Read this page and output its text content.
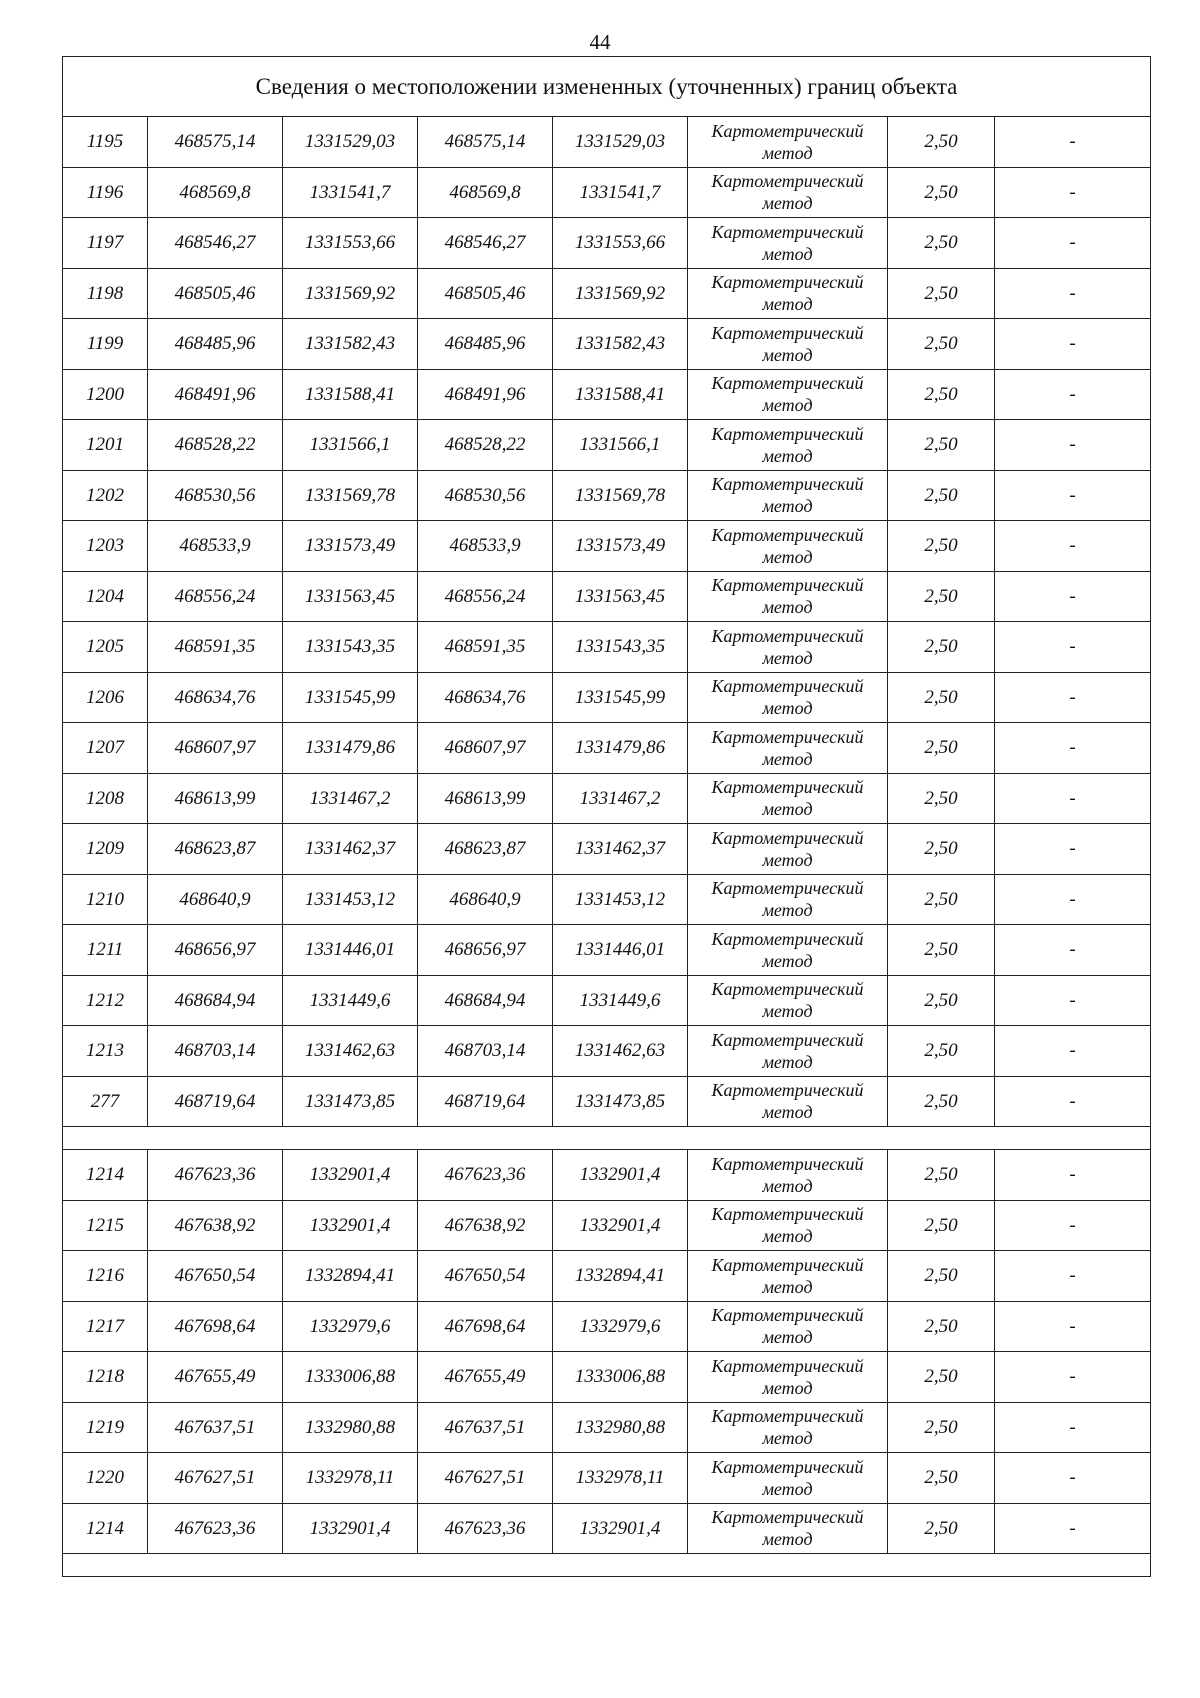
44
Сведения о местоположении измененных (уточненных) границ объекта							
1195	468575,14	1331529,03	468575,14	1331529,03	Картометрический
метод	2,50	-
1196	468569,8	1331541,7	468569,8	1331541,7	Картометрический
метод	2,50	-
1197	468546,27	1331553,66	468546,27	1331553,66	Картометрический
метод	2,50	-
1198	468505,46	1331569,92	468505,46	1331569,92	Картометрический
метод	2,50	-
1199	468485,96	1331582,43	468485,96	1331582,43	Картометрический
метод	2,50	-
1200	468491,96	1331588,41	468491,96	1331588,41	Картометрический
метод	2,50	-
1201	468528,22	1331566,1	468528,22	1331566,1	Картометрический
метод	2,50	-
1202	468530,56	1331569,78	468530,56	1331569,78	Картометрический
метод	2,50	-
1203	468533,9	1331573,49	468533,9	1331573,49	Картометрический
метод	2,50	-
1204	468556,24	1331563,45	468556,24	1331563,45	Картометрический
метод	2,50	-
1205	468591,35	1331543,35	468591,35	1331543,35	Картометрический
метод	2,50	-
1206	468634,76	1331545,99	468634,76	1331545,99	Картометрический
метод	2,50	-
1207	468607,97	1331479,86	468607,97	1331479,86	Картометрический
метод	2,50	-
1208	468613,99	1331467,2	468613,99	1331467,2	Картометрический
метод	2,50	-
1209	468623,87	1331462,37	468623,87	1331462,37	Картометрический
метод	2,50	-
1210	468640,9	1331453,12	468640,9	1331453,12	Картометрический
метод	2,50	-
1211	468656,97	1331446,01	468656,97	1331446,01	Картометрический
метод	2,50	-
1212	468684,94	1331449,6	468684,94	1331449,6	Картометрический
метод	2,50	-
1213	468703,14	1331462,63	468703,14	1331462,63	Картометрический
метод	2,50	-
277	468719,64	1331473,85	468719,64	1331473,85	Картометрический
метод	2,50	-

1214	467623,36	1332901,4	467623,36	1332901,4	Картометрический
метод	2,50	-
1215	467638,92	1332901,4	467638,92	1332901,4	Картометрический
метод	2,50	-
1216	467650,54	1332894,41	467650,54	1332894,41	Картометрический
метод	2,50	-
1217	467698,64	1332979,6	467698,64	1332979,6	Картометрический
метод	2,50	-
1218	467655,49	1333006,88	467655,49	1333006,88	Картометрический
метод	2,50	-
1219	467637,51	1332980,88	467637,51	1332980,88	Картометрический
метод	2,50	-
1220	467627,51	1332978,11	467627,51	1332978,11	Картометрический
метод	2,50	-
1214	467623,36	1332901,4	467623,36	1332901,4	Картометрический
метод	2,50	-
